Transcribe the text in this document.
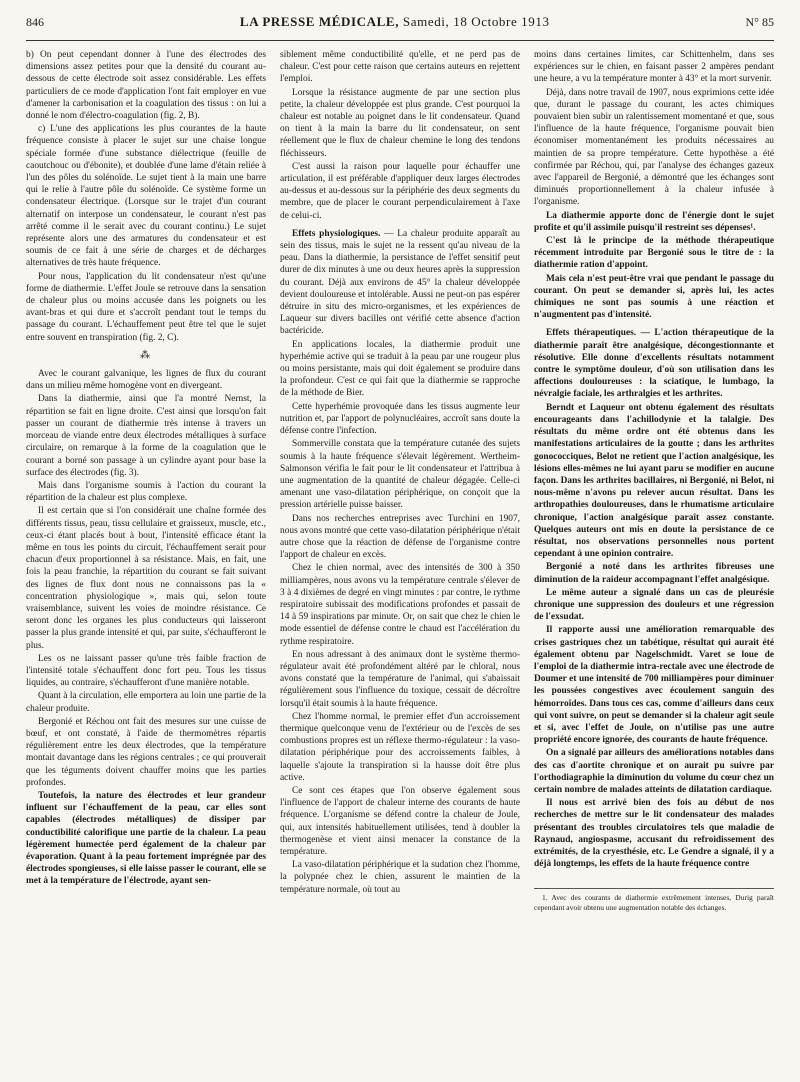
846	LA PRESSE MÉDICALE, Samedi, 18 Octobre 1913	N° 85

b) On peut cependant donner à l'une des électrodes des dimensions assez petites pour que la densité du courant au-dessous de cette électrode soit assez considérable. Les effets particuliers de ce mode d'application l'ont fait employer en vue d'amener la carbonisation et la coagulation des tissus : on lui a donné le nom d'électro-coagulation (fig. 2, B).

c) L'une des applications les plus courantes de la haute fréquence consiste à placer le sujet sur une chaise longue spéciale formée d'une substance diélectrique (feuille de caoutchouc ou d'ébonite), et doublée d'une lame d'étain reliée à l'un des pôles du solénoïde. Le sujet tient à la main une barre qui le relie à l'autre pôle du solénoïde. Ce système forme un condensateur électrique. (Lorsque sur le trajet d'un courant alternatif on interpose un condensateur, le courant n'est pas arrêté comme il le serait avec du courant continu.) Le sujet représente alors une des armatures du condensateur et est soumis de ce fait à une série de charges et de décharges alternatives de très haute fréquence.

Pour nous, l'application du lit condensateur n'est qu'une forme de diathermie. L'effet Joule se retrouve dans la sensation de chaleur plus ou moins accusée dans les poignets ou les avant-bras et qui dure et s'accroît pendant tout le temps du passage du courant. L'échauffement peut être tel que le sujet entre souvent en transpiration (fig. 2, C).

⁂

Avec le courant galvanique, les lignes de flux du courant dans un milieu même homogène vont en divergeant.

Dans la diathermie, ainsi que l'a montré Nernst, la répartition se fait en ligne droite. C'est ainsi que lorsqu'on fait passer un courant de diathermie très intense à travers un morceau de viande entre deux électrodes métalliques à surface circulaire, on remarque à la forme de la coagulation que le courant a borné son passage à un cylindre ayant pour base la surface des électrodes (fig. 3).

Mais dans l'organisme soumis à l'action du courant la répartition de la chaleur est plus complexe.

Il est certain que si l'on considérait une chaîne formée des différents tissus, peau, tissu cellulaire et graisseux, muscle, etc., ceux-ci étant placés bout à bout, l'intensité efficace étant la même en tous les points du circuit, l'échauffement serait pour chacun d'eux proportionnel à sa résistance. Mais, en fait, une fois la peau franchie, la répartition du courant se fait suivant des lignes de flux dont nous ne connaissons pas la « concentration physiologique », mais qui, selon toute vraisemblance, suivent les voies de moindre résistance. Ce seront donc les organes les plus conducteurs qui laisseront passer la plus grande intensité et qui, par suite, s'échaufferont le plus.

Les os ne laissant passer qu'une très faible fraction de l'intensité totale s'échauffent donc fort peu. Tous les tissus liquides, au contraire, s'échaufferont d'une manière notable.

Quant à la circulation, elle emportera au loin une partie de la chaleur produite.

Bergonié et Réchou ont fait des mesures sur une cuisse de bœuf, et ont constaté, à l'aide de thermomètres répartis régulièrement entre les deux électrodes, que la température montait davantage dans les régions centrales ; ce qui prouverait que les téguments doivent chauffer moins que les parties profondes.

Toutefois, la nature des électrodes et leur grandeur influent sur l'échauffement de la peau, car elles sont capables (électrodes métalliques) de dissiper par conductibilité calorifique une partie de la chaleur. La peau légèrement humectée perd également de la chaleur par évaporation. Quant à la peau fortement imprégnée par des électrodes spongieuses, si elle laisse passer le courant, elle se met à la température de l'électrode, ayant sen-

siblement même conductibilité qu'elle, et ne perd pas de chaleur. C'est pour cette raison que certains auteurs en rejettent l'emploi.

Lorsque la résistance augmente de par une section plus petite, la chaleur développée est plus grande. C'est pourquoi la chaleur est notable au poignet dans le lit condensateur. Quand on tient à la main la barre du lit condensateur, on sent réellement que le flux de chaleur chemine le long des tendons fléchisseurs.

C'est aussi la raison pour laquelle pour échauffer une articulation, il est préférable d'appliquer deux larges électrodes au-dessus et au-dessous sur la périphérie des deux segments du membre, que de placer le courant perpendiculairement à l'axe de celui-ci.

Effets physiologiques. — La chaleur produite apparaît au sein des tissus, mais le sujet ne la ressent qu'au niveau de la peau. Dans la diathermie, la persistance de l'effet sensitif peut durer de dix minutes à une ou deux heures après la suppression du courant. Déjà aux environs de 45° la chaleur développée devient douloureuse et intolérable. Aussi ne peut-on pas espérer détruire in situ des micro-organismes, et les expériences de Laqueur sur divers bacilles ont vérifié cette absence d'action bactéricide.

En applications locales, la diathermie produit une hyperhémie active qui se traduit à la peau par une rougeur plus ou moins persistante, mais qui doit également se produire dans la profondeur. C'est ce qui fait que la diathermie se rapproche de la méthode de Bier.

Cette hyperhémie provoquée dans les tissus augmente leur nutrition et, par l'apport de polynucléaires, accroît sans doute la défense contre l'infection.

Sommerville constata que la température cutanée des sujets soumis à la haute fréquence s'élevait légèrement. Wertheim-Salmonson vérifia le fait pour le lit condensateur et l'attribua à une augmentation de la quantité de chaleur dégagée. Celle-ci amenant une vaso-dilatation périphérique, on conçoit que la pression artérielle puisse baisser.

Dans nos recherches entreprises avec Turchini en 1907, nous avons montré que cette vaso-dilatation périphérique n'était autre chose que la réaction de défense de l'organisme contre l'apport de chaleur en excès.

Chez le chien normal, avec des intensités de 300 à 350 milliampères, nous avons vu la température centrale s'élever de 3 à 4 dixièmes de degré en vingt minutes : par contre, le rythme respiratoire subissait des modifications profondes et passait de 14 à 59 inspirations par minute. Or, on sait que chez le chien le mode essentiel de défense contre le chaud est l'accélération du rythme respiratoire.

En nous adressant à des animaux dont le système thermo-régulateur avait été profondément altéré par le chloral, nous avons constaté que la température de l'animal, qui s'abaissait régulièrement sous l'influence du toxique, cessait de décroître lorsqu'il était soumis à la haute fréquence.

Chez l'homme normal, le premier effet d'un accroissement thermique quelconque venu de l'extérieur ou de l'excès de ses combustions propres est un réflexe thermo-régulateur : la vaso-dilatation périphérique pour des accroissements faibles, à laquelle s'ajoute la transpiration si la hausse doit être plus active.

Ce sont ces étapes que l'on observe également sous l'influence de l'apport de chaleur interne des courants de haute fréquence. L'organisme se défend contre la chaleur de Joule, qui, aux intensités habituellement utilisées, tend à doubler la thermogenèse et vient ainsi menacer la constance de la température.

La vaso-dilatation périphérique et la sudation chez l'homme, la polypnée chez le chien, assurent le maintien de la température normale, où tout au

moins dans certaines limites, car Schittenhelm, dans ses expériences sur le chien, en faisant passer 2 ampères pendant une heure, a vu la température monter à 43° et la mort survenir.

Déjà, dans notre travail de 1907, nous exprimions cette idée que, durant le passage du courant, les actes chimiques pouvaient bien subir un ralentissement momentané et que, sous l'influence de la haute fréquence, l'organisme pouvait bien économiser momentanément les produits nécessaires au maintien de sa propre température. Cette hypothèse a été confirmée par Réchou, qui, par l'analyse des échanges gazeux avec l'appareil de Bergonié, a démontré que les échanges sont diminués proportionnellement à la chaleur infusée à l'organisme.

La diathermie apporte donc de l'énergie dont le sujet profite et qu'il assimile puisqu'il restreint ses dépenses¹.

C'est là le principe de la méthode thérapeutique récemment introduite par Bergonié sous le titre de : la diathermie ration d'appoint.

Mais cela n'est peut-être vrai que pendant le passage du courant. On peut se demander si, après lui, les actes chimiques ne sont pas soumis à une réaction et n'augmentent pas d'intensité.

Effets thérapeutiques. — L'action thérapeutique de la diathermie paraît être analgésique, décongestionnante et résolutive. Elle donne d'excellents résultats notamment contre le symptôme douleur, d'où son utilisation dans les affections douloureuses : la sciatique, le lumbago, la névralgie faciale, les arthralgies et les arthrites.

Berndt et Laqueur ont obtenu également des résultats encourageants dans l'achillodynie et la talalgie. Des résultats du même ordre ont été obtenus dans les manifestations articulaires de la goutte ; dans les arthrites gonococciques, Belot ne retient que l'action analgésique, les lésions elles-mêmes ne lui ayant paru se modifier en aucune façon. Dans les arthrites bacillaires, ni Bergonié, ni Belot, ni nous-même n'avons pu relever aucun résultat. Dans les arthropathies douloureuses, dans le rhumatisme articulaire chronique, l'action analgésique paraît assez constante. Quelques auteurs ont mis en doute la persistance de ce résultat, nos observations personnelles nous portent cependant à une opinion contraire.

Bergonié a noté dans les arthrites fibreuses une diminution de la raideur accompagnant l'effet analgésique.

Le même auteur a signalé dans un cas de pleurésie chronique une suppression des douleurs et une régression de l'exsudat.

Il rapporte aussi une amélioration remarquable des crises gastriques chez un tabétique, résultat qui aurait été également obtenu par Nagelschmidt. Varet se loue de l'emploi de la diathermie intra-rectale avec une électrode de Doumer et une intensité de 700 milliampères pour diminuer les poussées congestives avec écoulement sanguin des hémorroïdes. Dans tous ces cas, comme d'ailleurs dans ceux qui vont suivre, on peut se demander si la chaleur agit seule et si, avec l'effet de Joule, on n'utilise pas une autre propriété encore ignorée, des courants de haute fréquence.

On a signalé par ailleurs des améliorations notables dans des cas d'aortite chronique et on aurait pu suivre par l'orthodiagraphie la diminution du volume du cœur chez un certain nombre de malades atteints de dilatation cardiaque.

Il nous est arrivé bien des fois au début de nos recherches de mettre sur le lit condensateur des malades présentant des troubles circulatoires tels que maladie de Raynaud, angiospasme, accusant du refroidissement des extrémités, de la cryesthésie, etc. Le Gendre a signalé, il y a déjà longtemps, les effets de la haute fréquence contre

1. Avec des courants de diathermie extrêmement intenses, Durig paraît cependant avoir obtenu une augmentation notable des échanges.
